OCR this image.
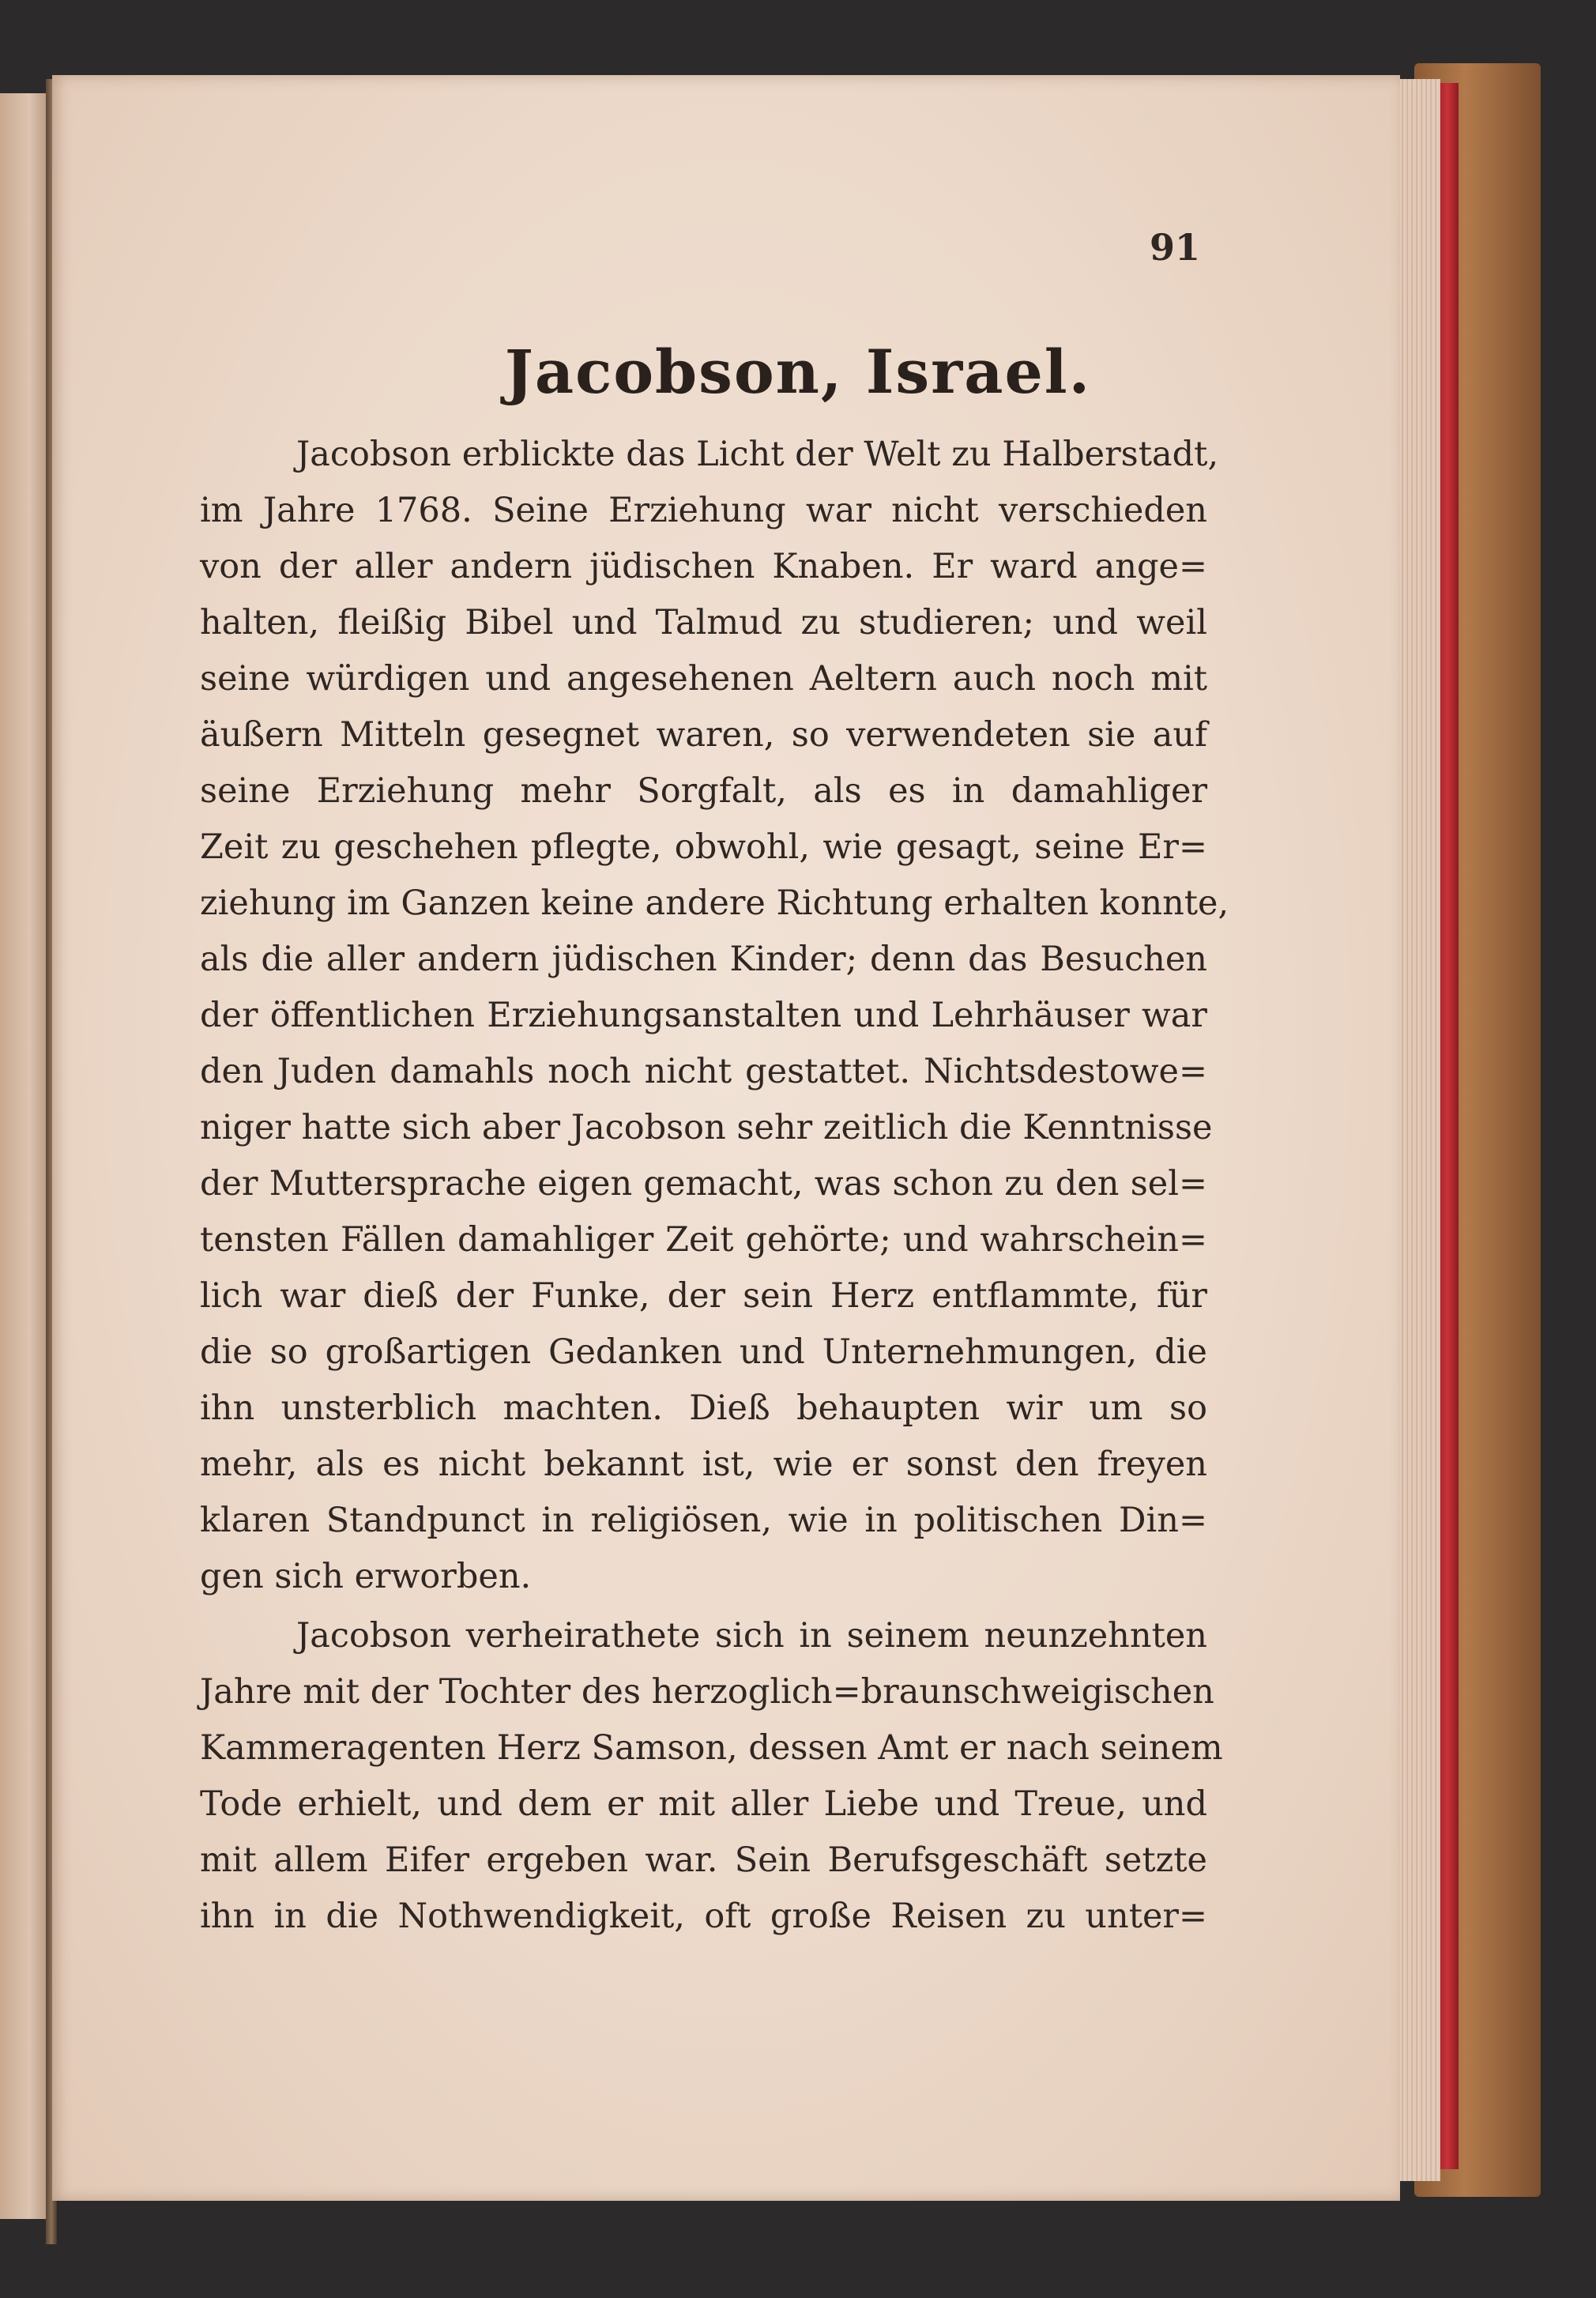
91
Jacobson, Israel.
Jacobson erblickte das Licht der Welt zu Halberstadt,
im Jahre 1768. Seine Erziehung war nicht verschieden
von der aller andern jüdischen Knaben. Er ward ange=
halten, fleißig Bibel und Talmud zu studieren; und weil
seine würdigen und angesehenen Aeltern auch noch mit
äußern Mitteln gesegnet waren, so verwendeten sie auf
seine Erziehung mehr Sorgfalt, als es in damahliger
Zeit zu geschehen pflegte, obwohl, wie gesagt, seine Er=
ziehung im Ganzen keine andere Richtung erhalten konnte,
als die aller andern jüdischen Kinder; denn das Besuchen
der öffentlichen Erziehungsanstalten und Lehrhäuser war
den Juden damahls noch nicht gestattet. Nichtsdestowe=
niger hatte sich aber Jacobson sehr zeitlich die Kenntnisse
der Muttersprache eigen gemacht, was schon zu den sel=
tensten Fällen damahliger Zeit gehörte; und wahrschein=
lich war dieß der Funke, der sein Herz entflammte, für
die so großartigen Gedanken und Unternehmungen, die
ihn unsterblich machten. Dieß behaupten wir um so
mehr, als es nicht bekannt ist, wie er sonst den freyen
klaren Standpunct in religiösen, wie in politischen Din=
gen sich erworben.
Jacobson verheirathete sich in seinem neunzehnten
Jahre mit der Tochter des herzoglich=braunschweigischen
Kammeragenten Herz Samson, dessen Amt er nach seinem
Tode erhielt, und dem er mit aller Liebe und Treue, und
mit allem Eifer ergeben war. Sein Berufsgeschäft setzte
ihn in die Nothwendigkeit, oft große Reisen zu unter=
